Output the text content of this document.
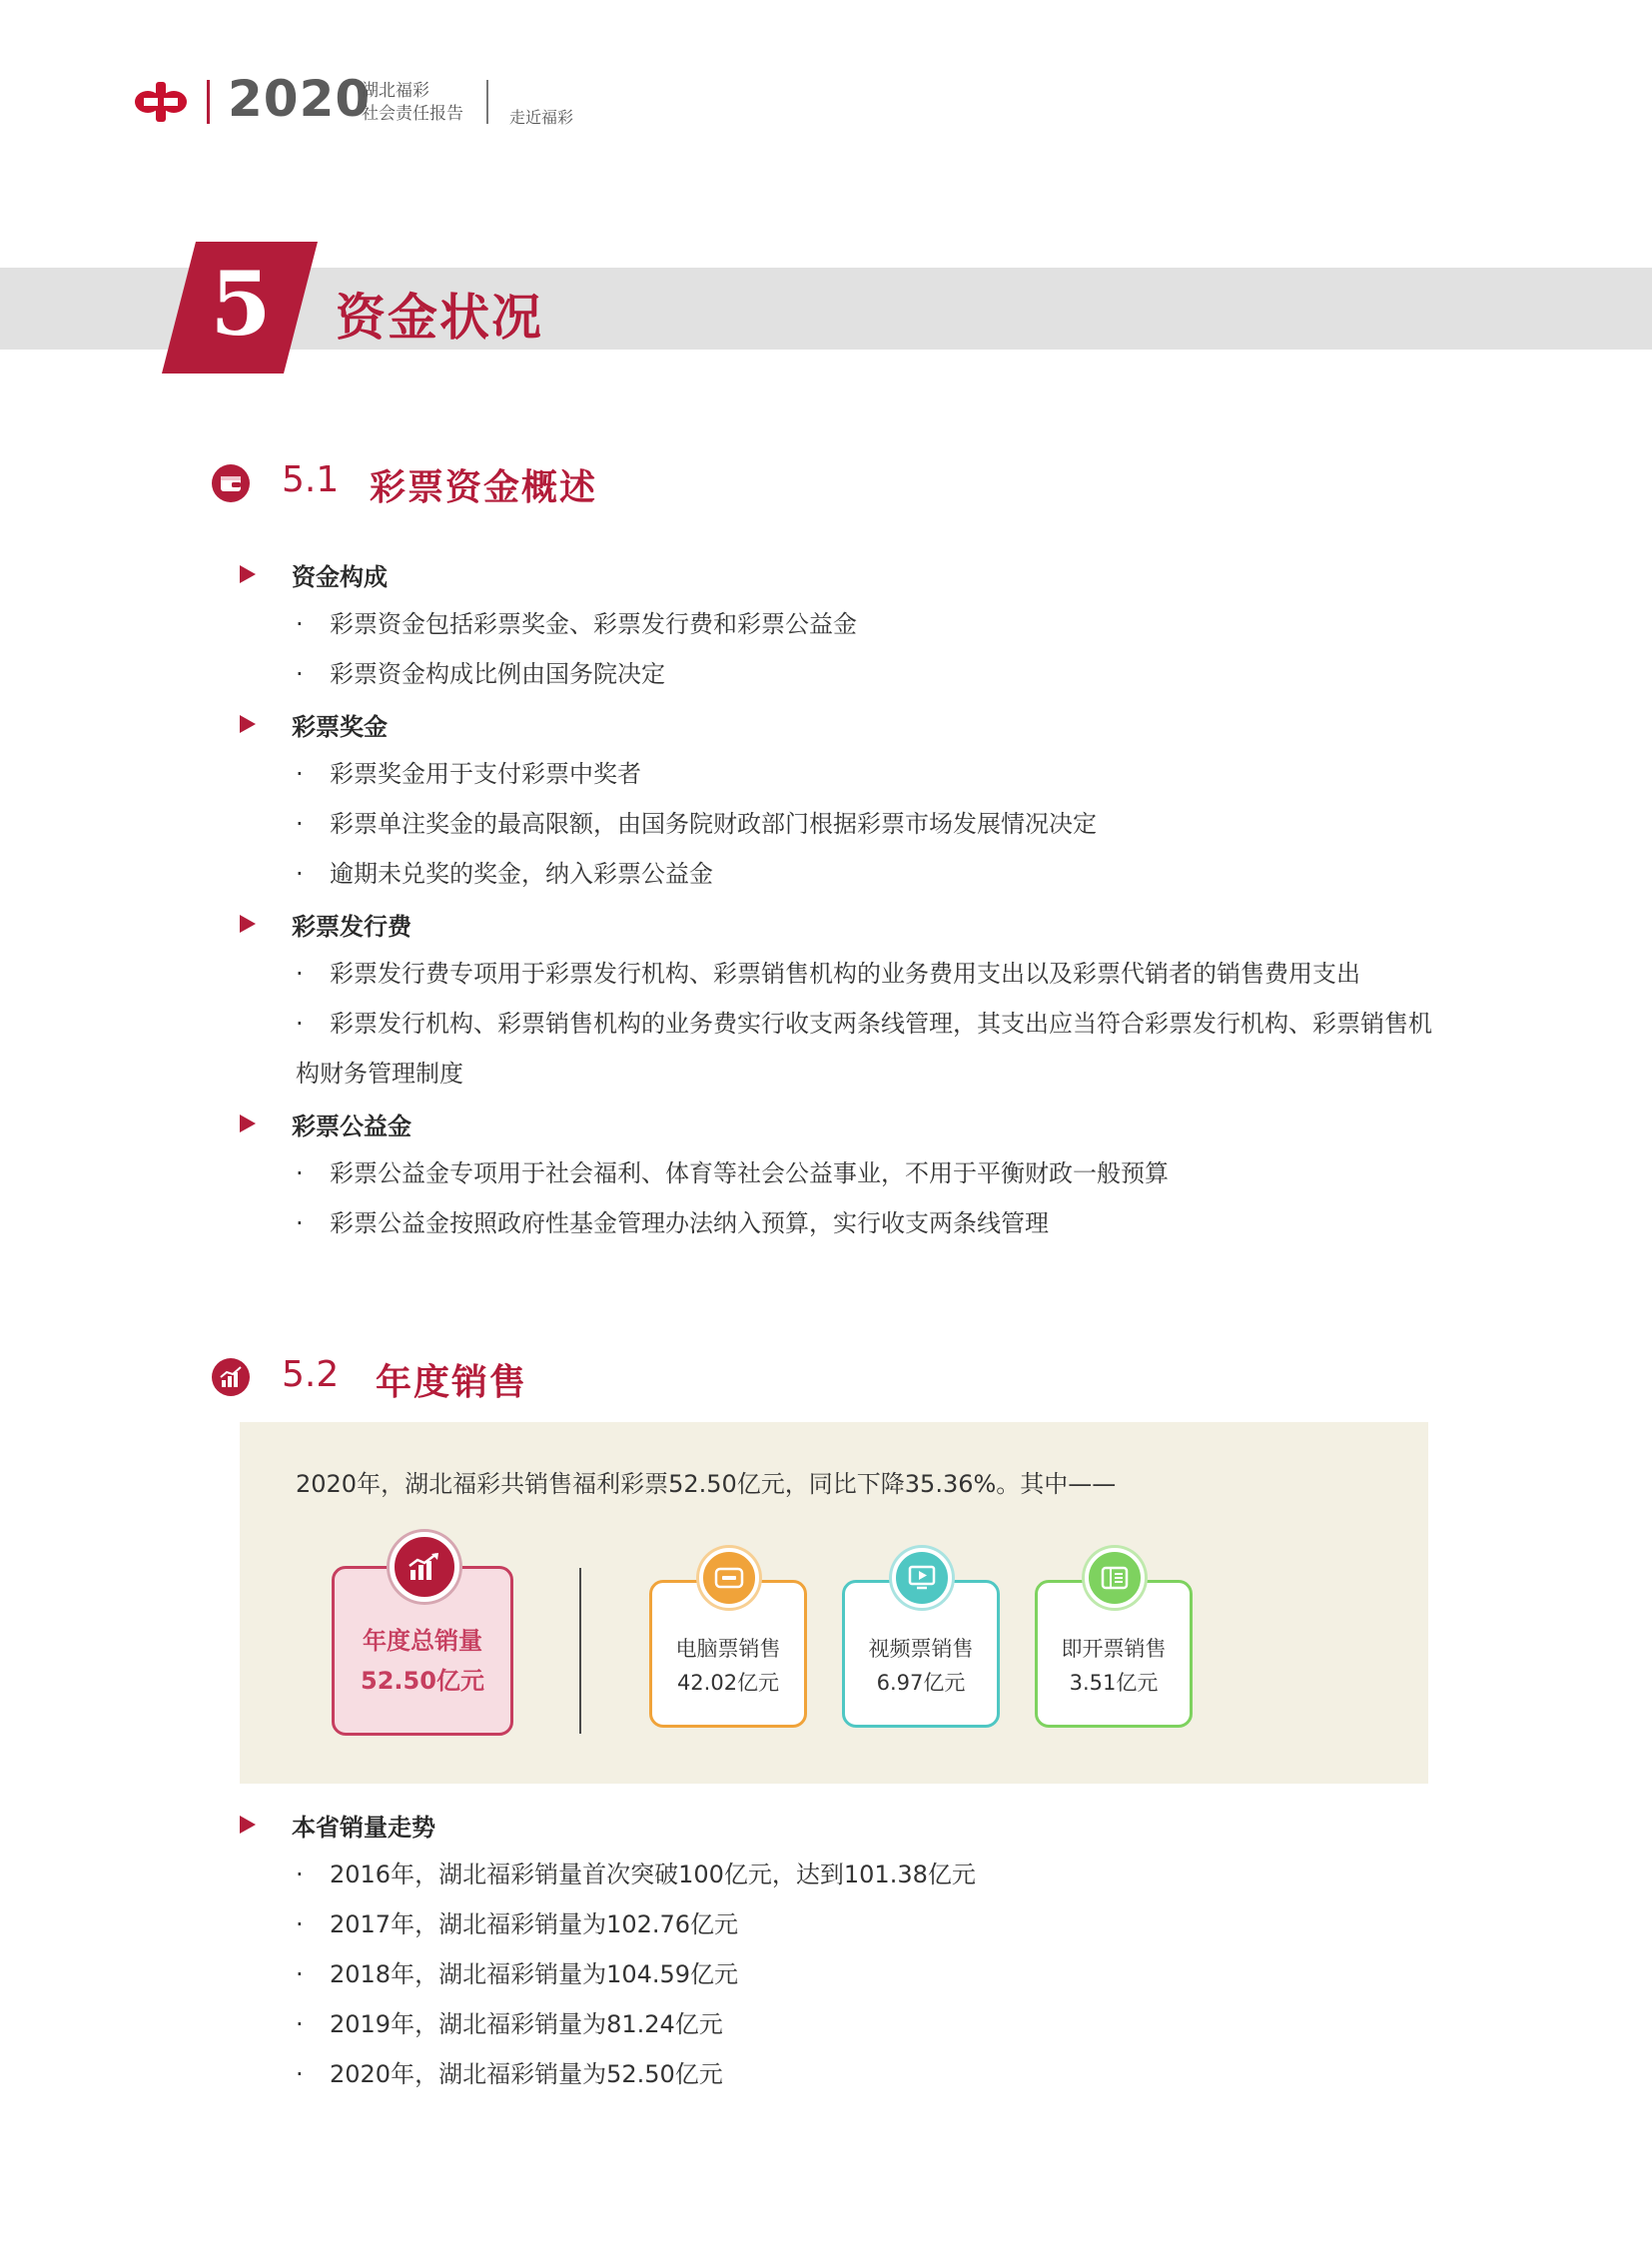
2020
湖北福彩
社会责任报告	走近福彩
5 资金状况
5.1 彩票资金概述
资金构成
· 彩票资金包括彩票奖金、彩票发行费和彩票公益金
· 彩票资金构成比例由国务院决定
彩票奖金
· 彩票奖金用于支付彩票中奖者
· 彩票单注奖金的最高限额，由国务院财政部门根据彩票市场发展情况决定
· 逾期未兑奖的奖金，纳入彩票公益金
彩票发行费
· 彩票发行费专项用于彩票发行机构、彩票销售机构的业务费用支出以及彩票代销者的销售费用支出
· 彩票发行机构、彩票销售机构的业务费实行收支两条线管理，其支出应当符合彩票发行机构、彩票销售机构财务管理制度
彩票公益金
· 彩票公益金专项用于社会福利、体育等社会公益事业，不用于平衡财政一般预算
· 彩票公益金按照政府性基金管理办法纳入预算，实行收支两条线管理
5.2 年度销售
2020年，湖北福彩共销售福利彩票52.50亿元，同比下降35.36%。其中——
年度总销量
52.50亿元
电脑票销售
42.02亿元
视频票销售
6.97亿元
即开票销售
3.51亿元
本省销量走势
· 2016年，湖北福彩销量首次突破100亿元，达到101.38亿元
· 2017年，湖北福彩销量为102.76亿元
· 2018年，湖北福彩销量为104.59亿元
· 2019年，湖北福彩销量为81.24亿元
· 2020年，湖北福彩销量为52.50亿元
